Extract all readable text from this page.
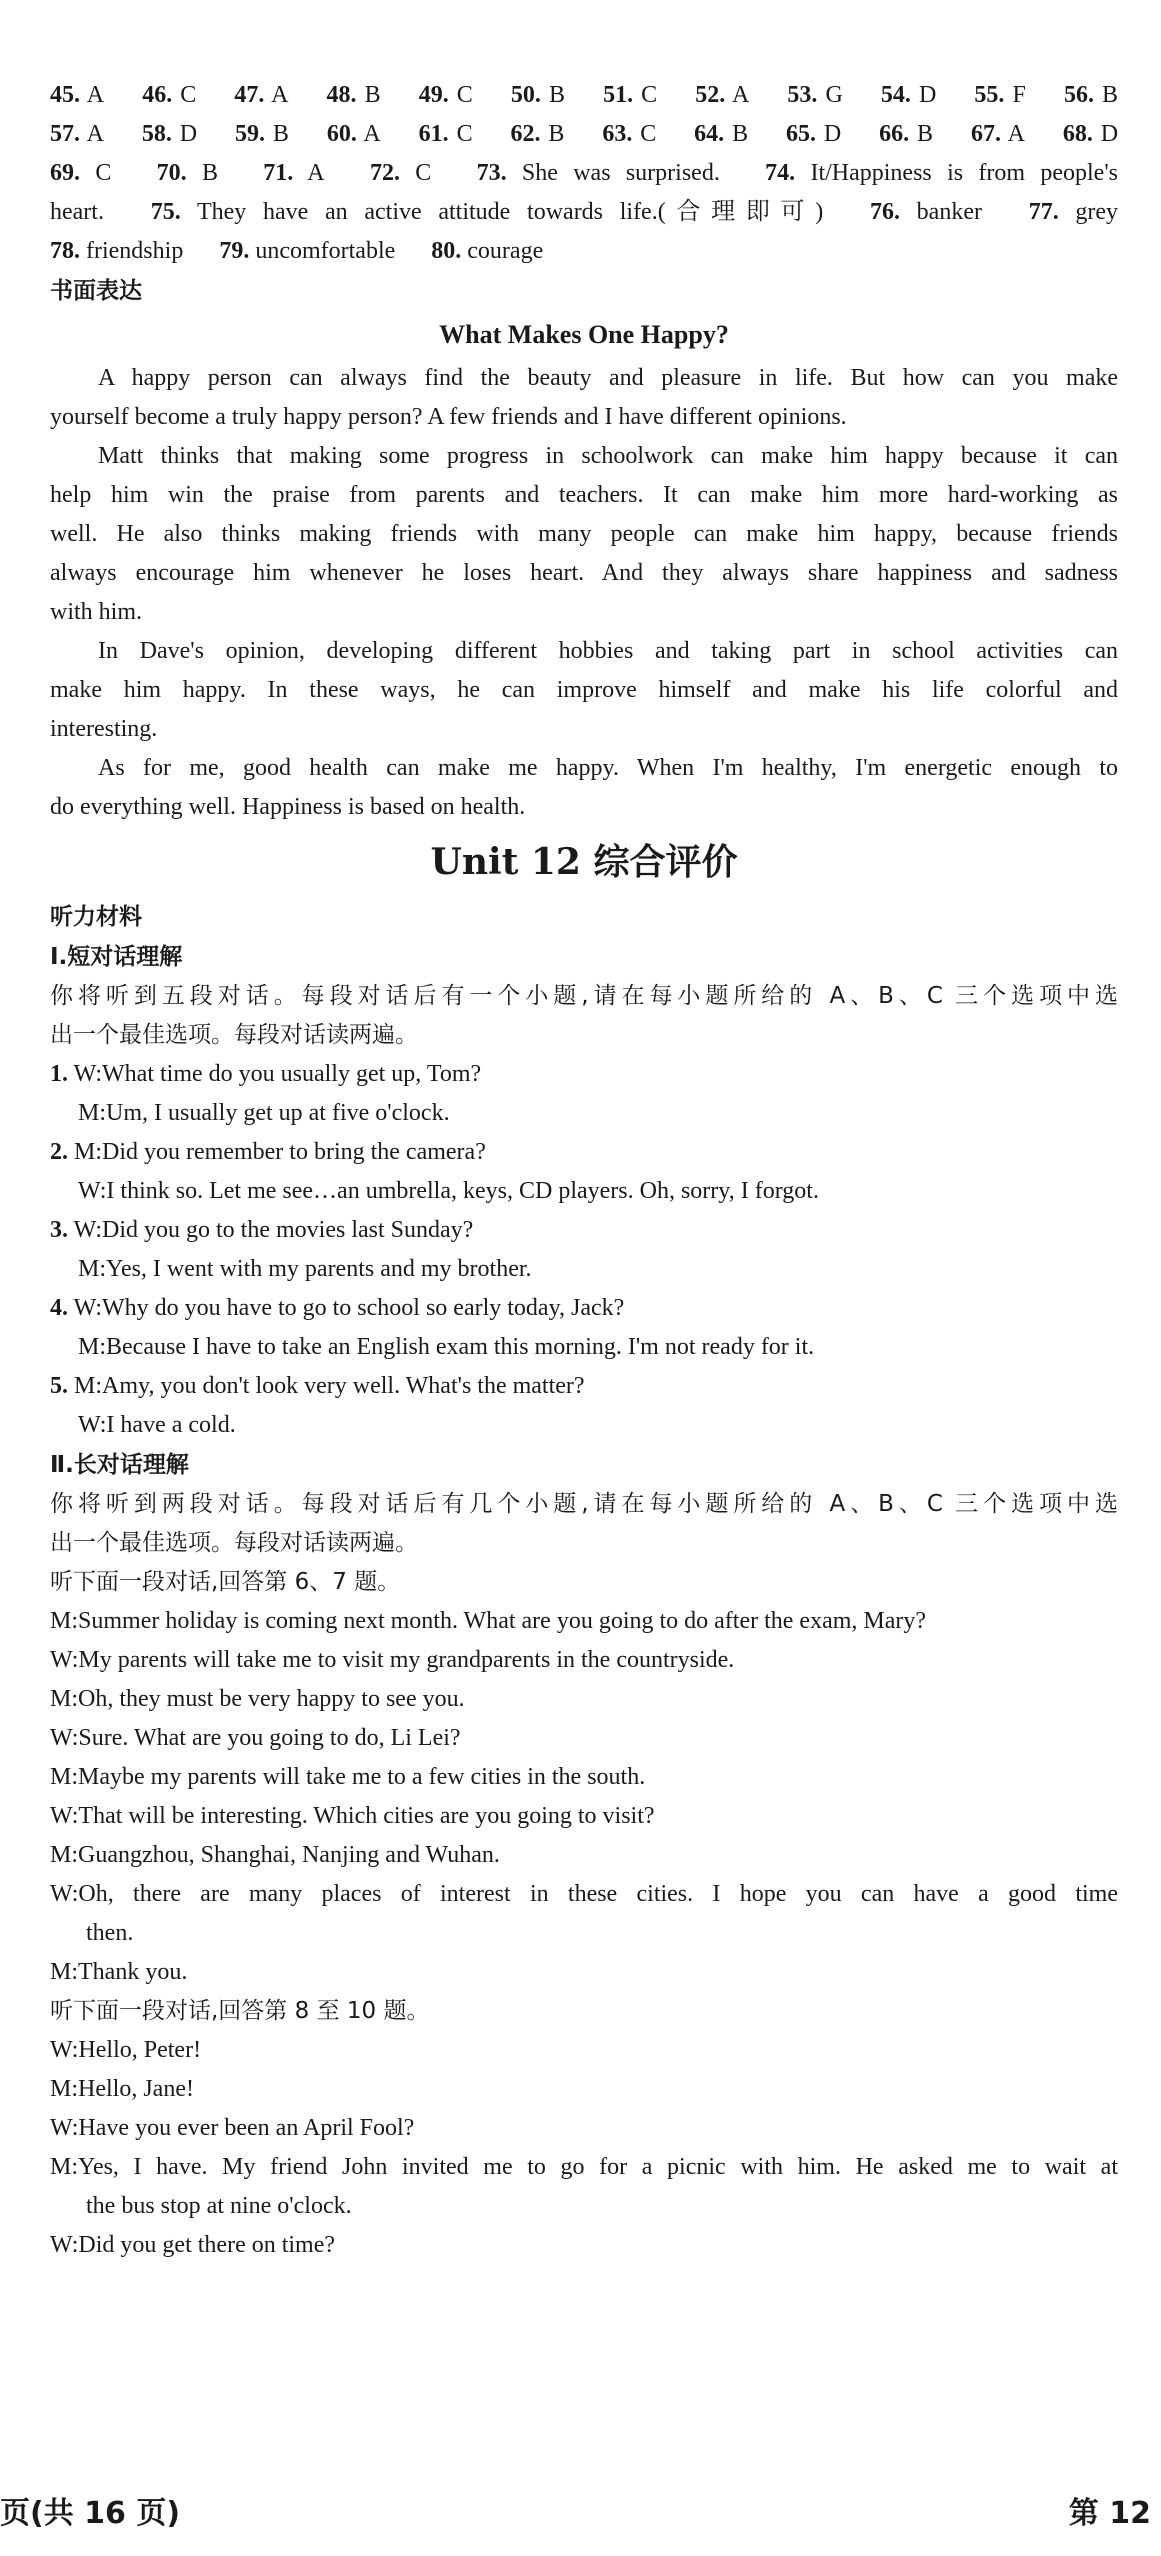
45. A 46. C 47. A 48. B 49. C 50. B 51. C 52. A 53. G 54. D 55. F 56. B
57. A 58. D 59. B 60. A 61. C 62. B 63. C 64. B 65. D 66. B 67. A 68. D
69. C 70. B 71. A 72. C 73. She was surprised. 74. It/Happiness is from people's
heart. 75. They have an active attitude towards life.(合理即可) 76. banker 77. grey
78. friendship 79. uncomfortable 80. courage
书面表达
What Makes One Happy?
A happy person can always find the beauty and pleasure in life. But how can you make
yourself become a truly happy person? A few friends and I have different opinions.
Matt thinks that making some progress in schoolwork can make him happy because it can
help him win the praise from parents and teachers. It can make him more hard-working as
well. He also thinks making friends with many people can make him happy, because friends
always encourage him whenever he loses heart. And they always share happiness and sadness
with him.
In Dave's opinion, developing different hobbies and taking part in school activities can
make him happy. In these ways, he can improve himself and make his life colorful and
interesting.
As for me, good health can make me happy. When I'm healthy, I'm energetic enough to
do everything well. Happiness is based on health.
Unit 12 综合评价
听力材料
Ⅰ.短对话理解
你将听到五段对话。每段对话后有一个小题,请在每小题所给的 A、B、C 三个选项中选
出一个最佳选项。每段对话读两遍。
1. W:What time do you usually get up, Tom?
M:Um, I usually get up at five o'clock.
2. M:Did you remember to bring the camera?
W:I think so. Let me see…an umbrella, keys, CD players. Oh, sorry, I forgot.
3. W:Did you go to the movies last Sunday?
M:Yes, I went with my parents and my brother.
4. W:Why do you have to go to school so early today, Jack?
M:Because I have to take an English exam this morning. I'm not ready for it.
5. M:Amy, you don't look very well. What's the matter?
W:I have a cold.
Ⅱ.长对话理解
你将听到两段对话。每段对话后有几个小题,请在每小题所给的 A、B、C 三个选项中选
出一个最佳选项。每段对话读两遍。
听下面一段对话,回答第 6、7 题。
M:Summer holiday is coming next month. What are you going to do after the exam, Mary?
W:My parents will take me to visit my grandparents in the countryside.
M:Oh, they must be very happy to see you.
W:Sure. What are you going to do, Li Lei?
M:Maybe my parents will take me to a few cities in the south.
W:That will be interesting. Which cities are you going to visit?
M:Guangzhou, Shanghai, Nanjing and Wuhan.
W:Oh, there are many places of interest in these cities. I hope you can have a good time
then.
M:Thank you.
听下面一段对话,回答第 8 至 10 题。
W:Hello, Peter!
M:Hello, Jane!
W:Have you ever been an April Fool?
M:Yes, I have. My friend John invited me to go for a picnic with him. He asked me to wait at
the bus stop at nine o'clock.
W:Did you get there on time?
页(共 16 页)	第 12
